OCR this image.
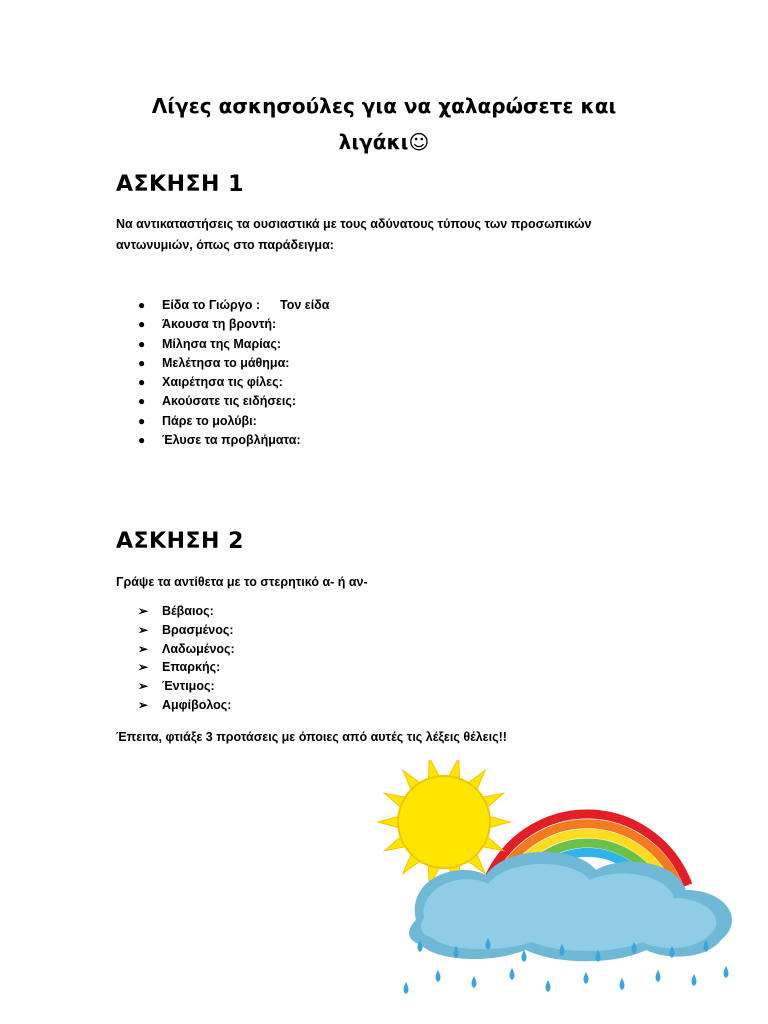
Λίγες ασκησούλες για να χαλαρώσετε και
λιγάκι☺
ΑΣΚΗΣΗ 1

Να αντικαταστήσεις τα ουσιαστικά με τους αδύνατους τύπους των προσωπικών
αντωνυμιών, όπως στο παράδειγμα:

● Είδα το Γιώργο : Τον είδα
● Άκουσα τη βροντή:
● Μίλησα της Μαρίας:
● Μελέτησα το μάθημα:
● Χαιρέτησα τις φίλες:
● Ακούσατε τις ειδήσεις:
● Πάρε το μολύβι:
● Έλυσε τα προβλήματα:
ΑΣΚΗΣΗ 2

Γράψε τα αντίθετα με το στερητικό α- ή αν-

➢ Βέβαιος:
➢ Βρασμένος:
➢ Λαδωμένος:
➢ Επαρκής:
➢ Έντιμος:
➢ Αμφίβολος:

Έπειτα, φτιάξε 3 προτάσεις με όποιες από αυτές τις λέξεις θέλεις!!
